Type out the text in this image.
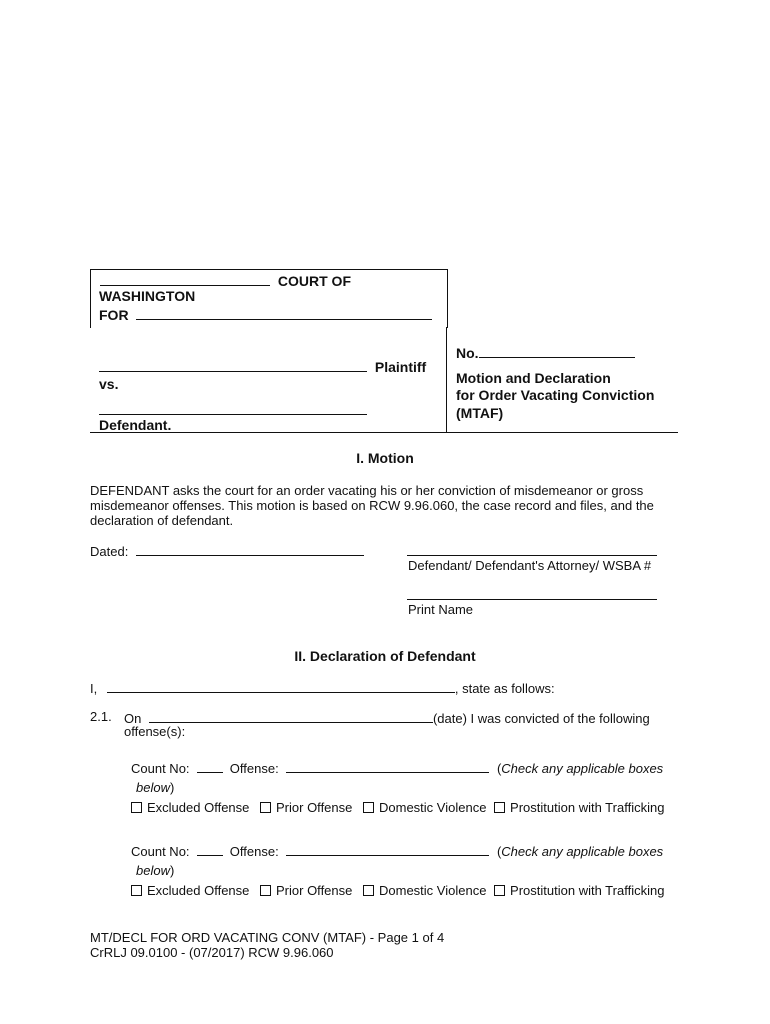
COURT OF
WASHINGTON
FOR
Plaintiff
vs.
Defendant.
No.
Motion and Declaration
for Order Vacating Conviction
(MTAF)
I. Motion
DEFENDANT asks the court for an order vacating his or her conviction of misdemeanor or gross
misdemeanor offenses. This motion is based on RCW 9.96.060, the case record and files, and the
declaration of defendant.
Dated:
Defendant/ Defendant's Attorney/ WSBA #
Print Name
II. Declaration of Defendant
I,	, state as follows:
2.1. On	(date) I was convicted of the following
offense(s):
Count No:	Offense:	(Check any applicable boxes
below)
Excluded Offense Prior Offense Domestic Violence Prostitution with Trafficking
Count No:	Offense:	(Check any applicable boxes
below)
Excluded Offense Prior Offense Domestic Violence Prostitution with Trafficking
MT/DECL FOR ORD VACATING CONV (MTAF) - Page 1 of 4
CrRLJ 09.0100 - (07/2017) RCW 9.96.060
